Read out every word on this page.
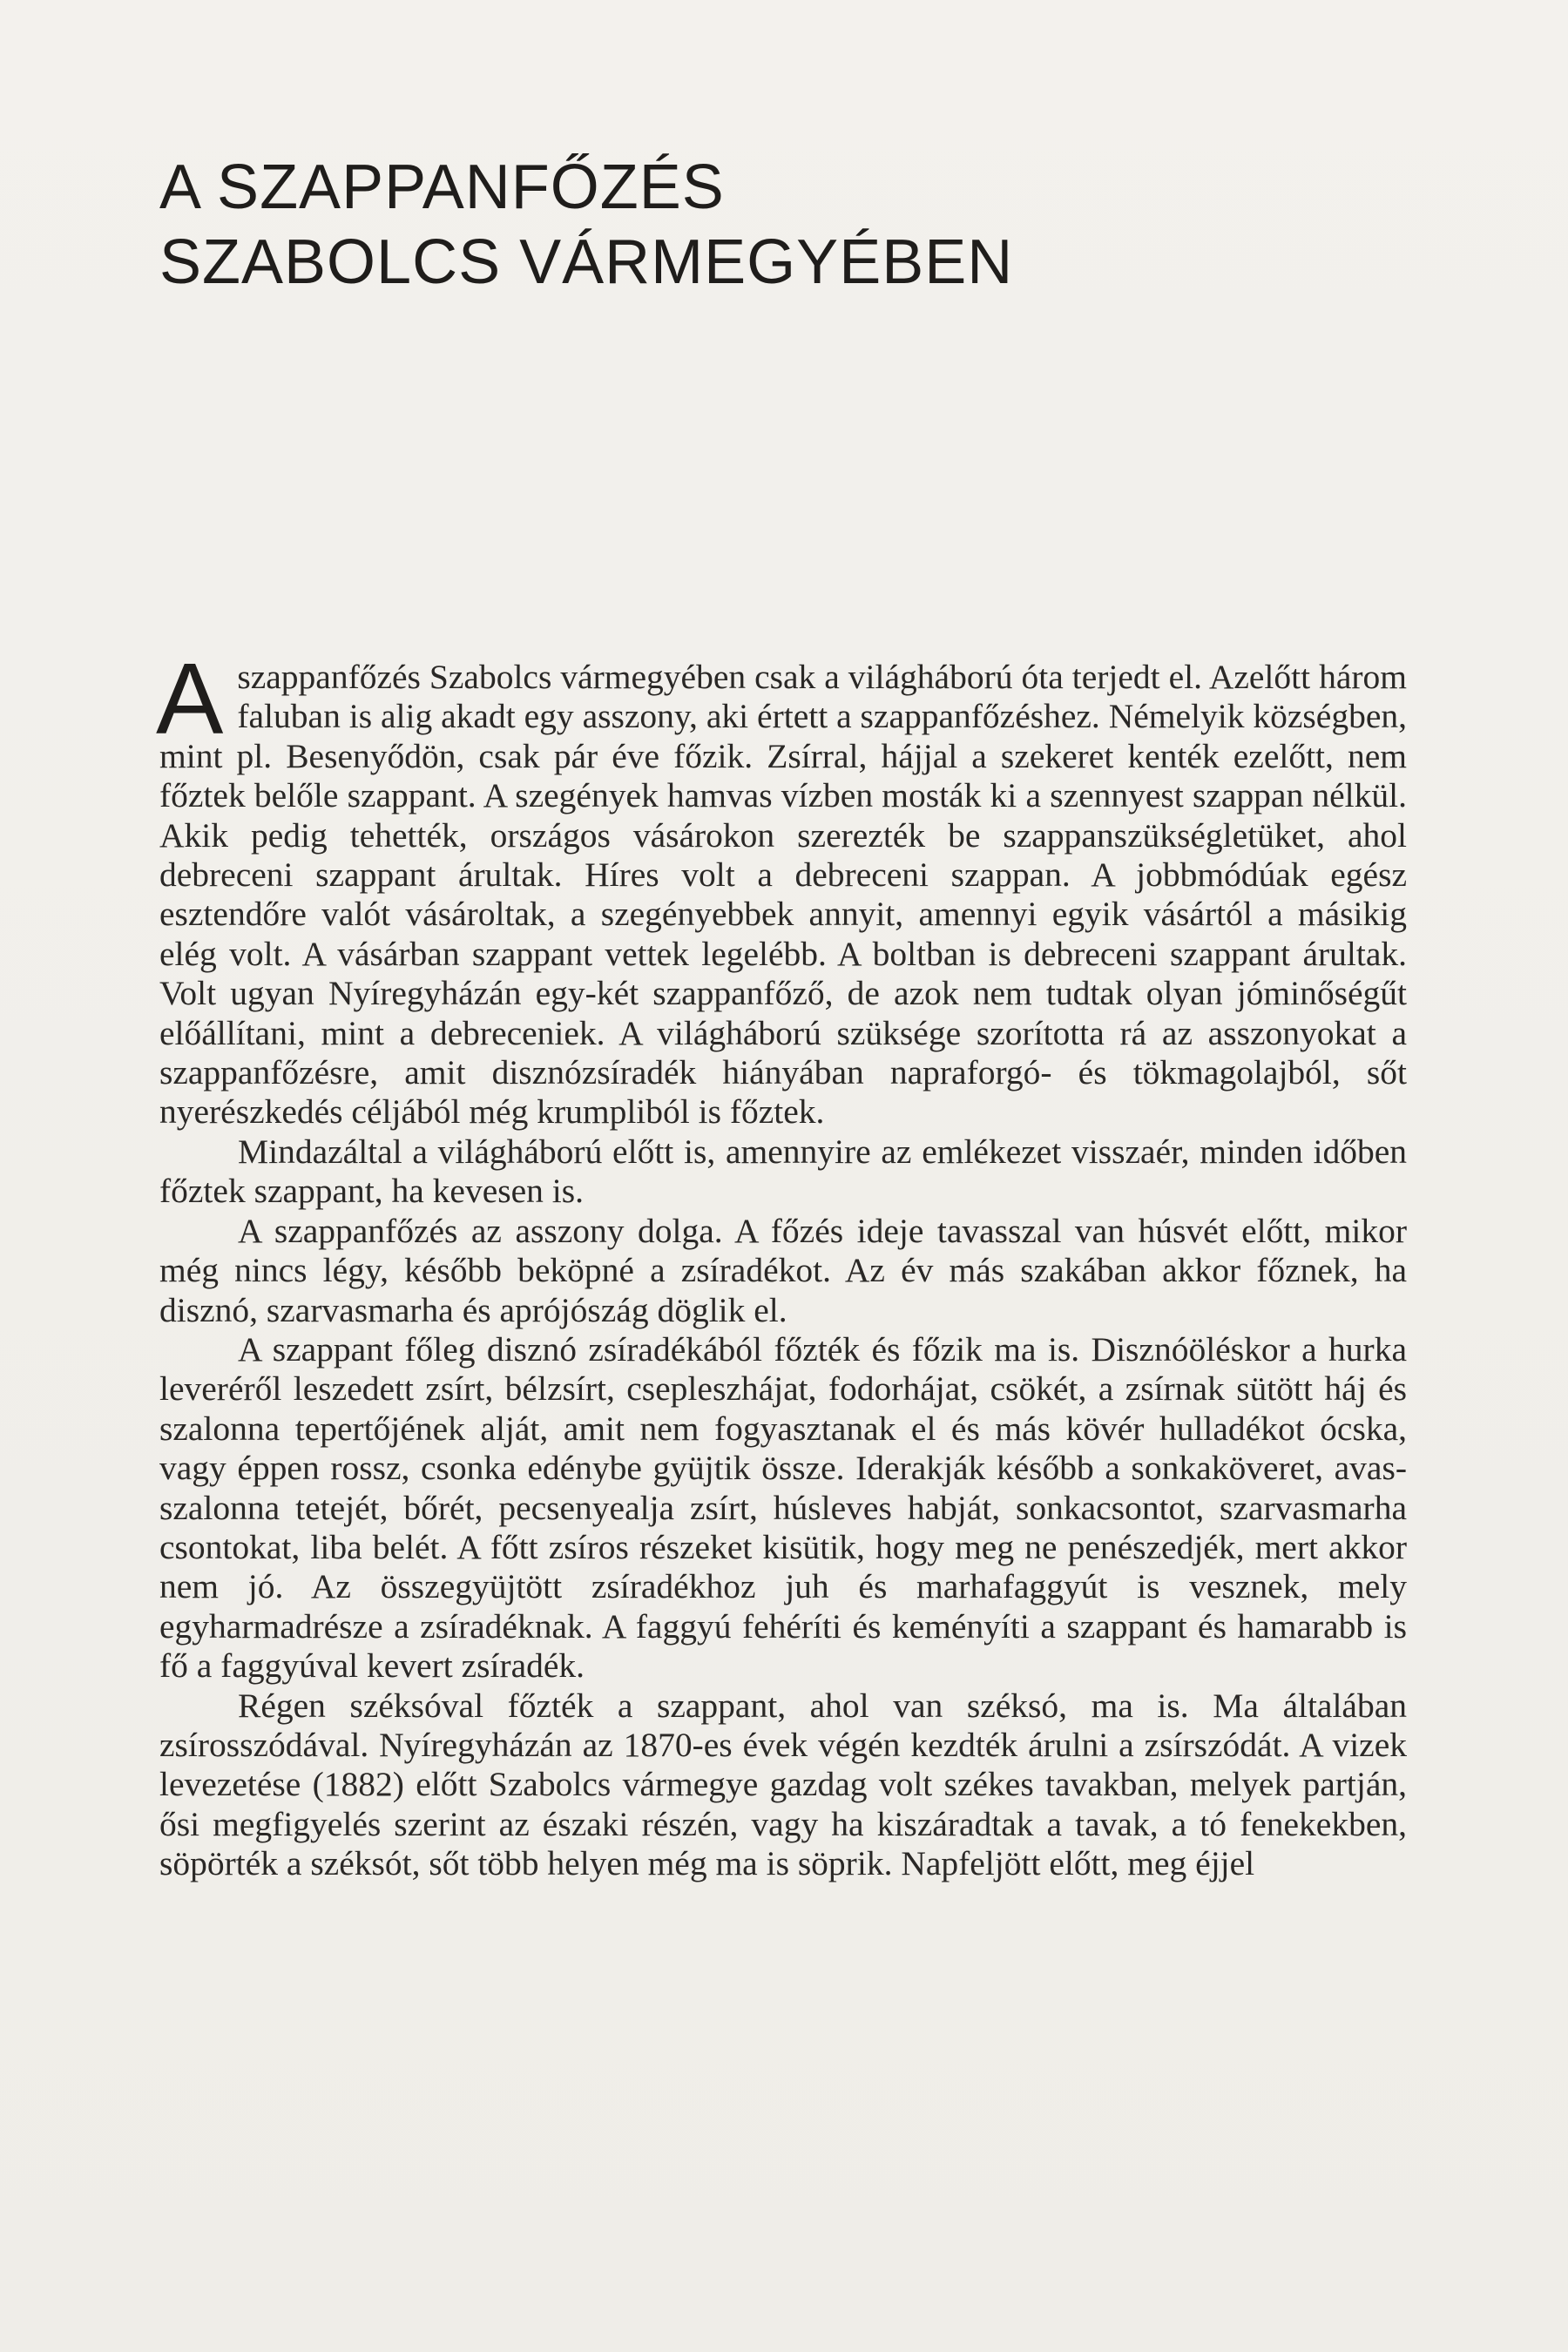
A SZAPPANFŐZÉS
SZABOLCS VÁRMEGYÉBEN

Aszappanfőzés Szabolcs vármegyében csak a világháború óta terjedt el. Azelőtt három faluban is alig akadt egy asszony, aki értett a szappanfőzéshez. Némelyik községben, mint pl. Besenyődön, csak pár éve főzik. Zsírral, hájjal a szekeret kenték ezelőtt, nem főztek belőle szappant. A szegények hamvas vízben mosták ki a szennyest szappan nélkül. Akik pedig tehették, országos vásárokon szerezték be szappanszükségletüket, ahol debreceni szappant árultak. Híres volt a debreceni szappan. A jobbmódúak egész esztendőre valót vásároltak, a szegényebbek annyit, amennyi egyik vásártól a másikig elég volt. A vásárban szappant vettek legelébb. A boltban is debreceni szappant árultak. Volt ugyan Nyíregyházán egy-két szappanfőző, de azok nem tudtak olyan jóminőségűt előállítani, mint a debreceniek. A világháború szüksége szorította rá az asszonyokat a szappanfőzésre, amit disznózsíradék hiányában napraforgó- és tökmagolajból, sőt nyerészkedés céljából még krumpliból is főztek.

Mindazáltal a világháború előtt is, amennyire az emlékezet visszaér, minden időben főztek szappant, ha kevesen is.

A szappanfőzés az asszony dolga. A főzés ideje tavasszal van húsvét előtt, mikor még nincs légy, később beköpné a zsíradékot. Az év más szakában akkor főznek, ha disznó, szarvasmarha és aprójószág döglik el.

A szappant főleg disznó zsíradékából főzték és főzik ma is. Disznóöléskor a hurka leveréről leszedett zsírt, bélzsírt, csepleszhájat, fodorhájat, csökét, a zsírnak sütött háj és szalonna tepertőjének alját, amit nem fogyasztanak el és más kövér hulladékot ócska, vagy éppen rossz, csonka edénybe gyüjtik össze. Iderakják később a sonkaköveret, avasszalonna tetejét, bőrét, pecsenyealja zsírt, húsleves habját, sonkacsontot, szarvasmarha csontokat, liba belét. A főtt zsíros részeket kisütik, hogy meg ne penészedjék, mert akkor nem jó. Az összegyüjtött zsíradékhoz juh és marhafaggyút is vesznek, mely egyharmadrésze a zsíradéknak. A faggyú fehéríti és keményíti a szappant és hamarabb is fő a faggyúval kevert zsíradék.

Régen széksóval főzték a szappant, ahol van széksó, ma is. Ma általában zsírosszódával. Nyíregyházán az 1870-es évek végén kezdték árulni a zsírszódát. A vizek levezetése (1882) előtt Szabolcs vármegye gazdag volt székes tavakban, melyek partján, ősi megfigyelés szerint az északi részén, vagy ha kiszáradtak a tavak, a tó fenekekben, söpörték a széksót, sőt több helyen még ma is söprik. Napfeljött előtt, meg éjjel
